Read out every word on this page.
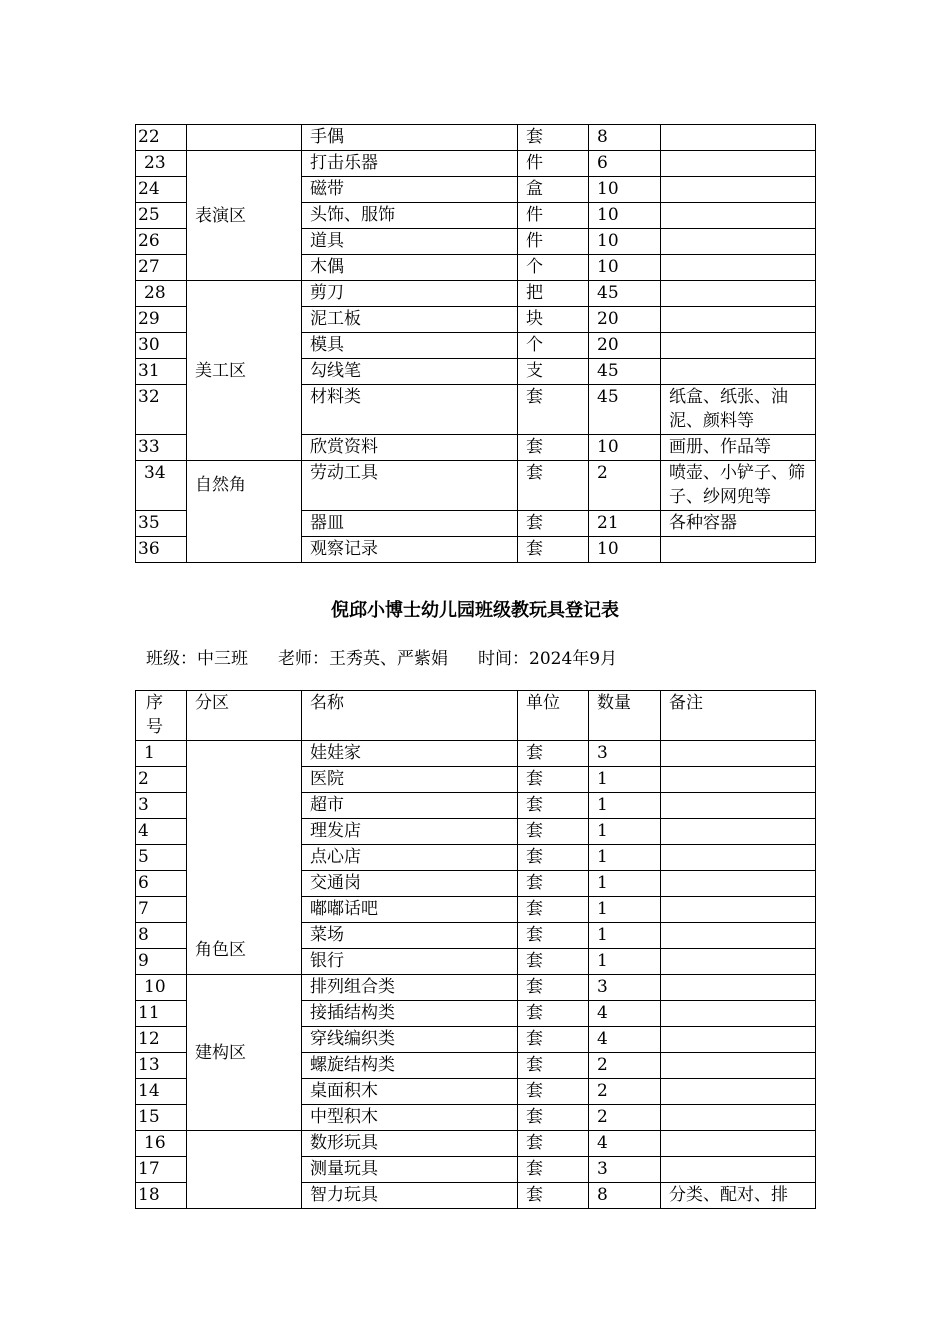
22		手偶	套	8	
23	表演区	打击乐器	件	6	
24		磁带	盒	10	
25		头饰、服饰	件	10	
26		道具	件	10	
27		木偶	个	10	
28	美工区	剪刀	把	45	
29		泥工板	块	20	
30		模具	个	20	
31		勾线笔	支	45	
32		材料类	套	45	纸盒、纸张、油泥、颜料等
33		欣赏资料	套	10	画册、作品等
34	自然角	劳动工具	套	2	喷壶、小铲子、筛子、纱网兜等
35		器皿	套	21	各种容器
36		观察记录	套	10	
倪邱小博士幼儿园班级教玩具登记表
班级：中三班 老师：王秀英、严紫娟 时间：2024年9月
序号	分区	名称	单位	数量	备注
1	角色区	娃娃家	套	3	
2		医院	套	1	
3		超市	套	1	
4		理发店	套	1	
5		点心店	套	1	
6		交通岗	套	1	
7		嘟嘟话吧	套	1	
8		菜场	套	1	
9		银行	套	1	
10	建构区	排列组合类	套	3	
11		接插结构类	套	4	
12		穿线编织类	套	4	
13		螺旋结构类	套	2	
14		桌面积木	套	2	
15		中型积木	套	2	
16		数形玩具	套	4	
17		测量玩具	套	3	
18		智力玩具	套	8	分类、配对、排
